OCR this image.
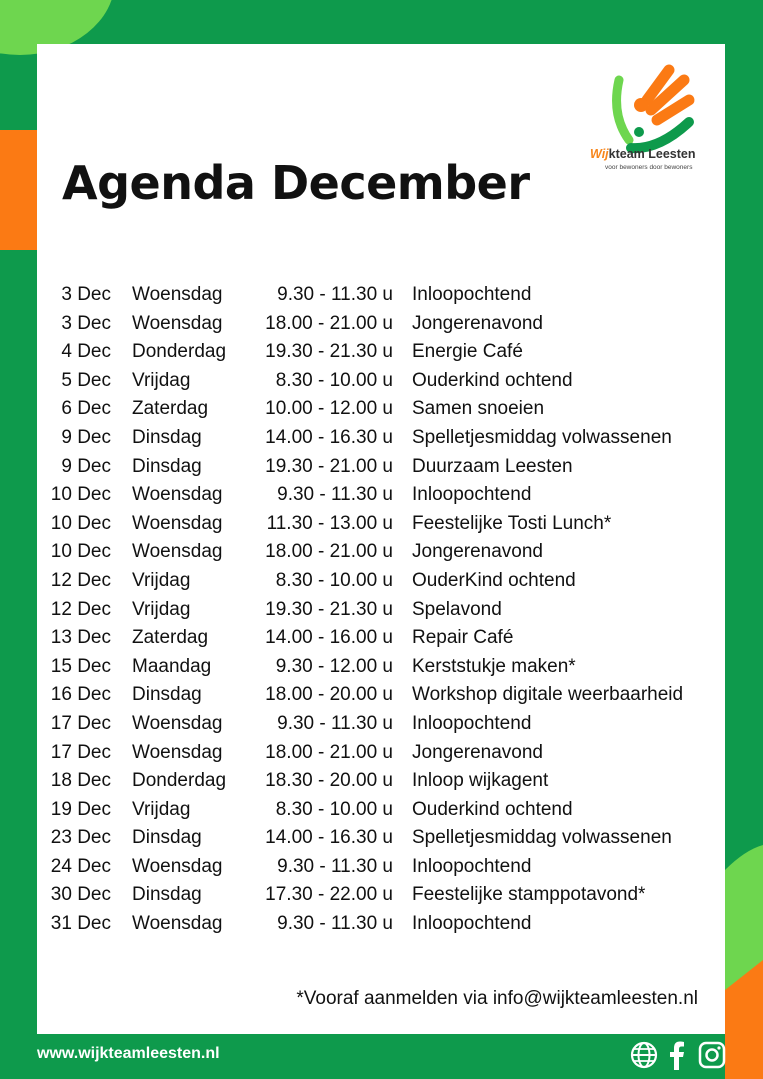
Wijkteam Leesten
voor bewoners door bewoners
Agenda December
3 Dec Woensdag	9.30 - 11.30 u Inloopochtend
3 Dec Woensdag 18.00 - 21.00 u Jongerenavond
4 Dec Donderdag 19.30 - 21.30 u Energie Café
5 Dec Vrijdag	8.30 - 10.00 u Ouderkind ochtend
6 Dec Zaterdag	10.00 - 12.00 u Samen snoeien
9 Dec Dinsdag	14.00 - 16.30 u Spelletjesmiddag volwassenen
9 Dec Dinsdag	19.30 - 21.00 u Duurzaam Leesten
10 Dec Woensdag	9.30 - 11.30 u Inloopochtend
10 Dec Woensdag 11.30 - 13.00 u Feestelijke Tosti Lunch*
10 Dec Woensdag 18.00 - 21.00 u Jongerenavond
12 Dec Vrijdag	8.30 - 10.00 u OuderKind ochtend
12 Dec Vrijdag	19.30 - 21.30 u Spelavond
13 Dec Zaterdag	14.00 - 16.00 u Repair Café
15 Dec Maandag	9.30 - 12.00 u Kerststukje maken*
16 Dec Dinsdag	18.00 - 20.00 u Workshop digitale weerbaarheid
17 Dec Woensdag	9.30 - 11.30 u Inloopochtend
17 Dec Woensdag 18.00 - 21.00 u Jongerenavond
18 Dec Donderdag 18.30 - 20.00 u Inloop wijkagent
19 Dec Vrijdag	8.30 - 10.00 u Ouderkind ochtend
23 Dec Dinsdag	14.00 - 16.30 u Spelletjesmiddag volwassenen
24 Dec Woensdag	9.30 - 11.30 u Inloopochtend
30 Dec Dinsdag	17.30 - 22.00 u Feestelijke stamppotavond*
31 Dec Woensdag	9.30 - 11.30 u Inloopochtend
*Vooraf aanmelden via info@wijkteamleesten.nl
www.wijkteamleesten.nl
